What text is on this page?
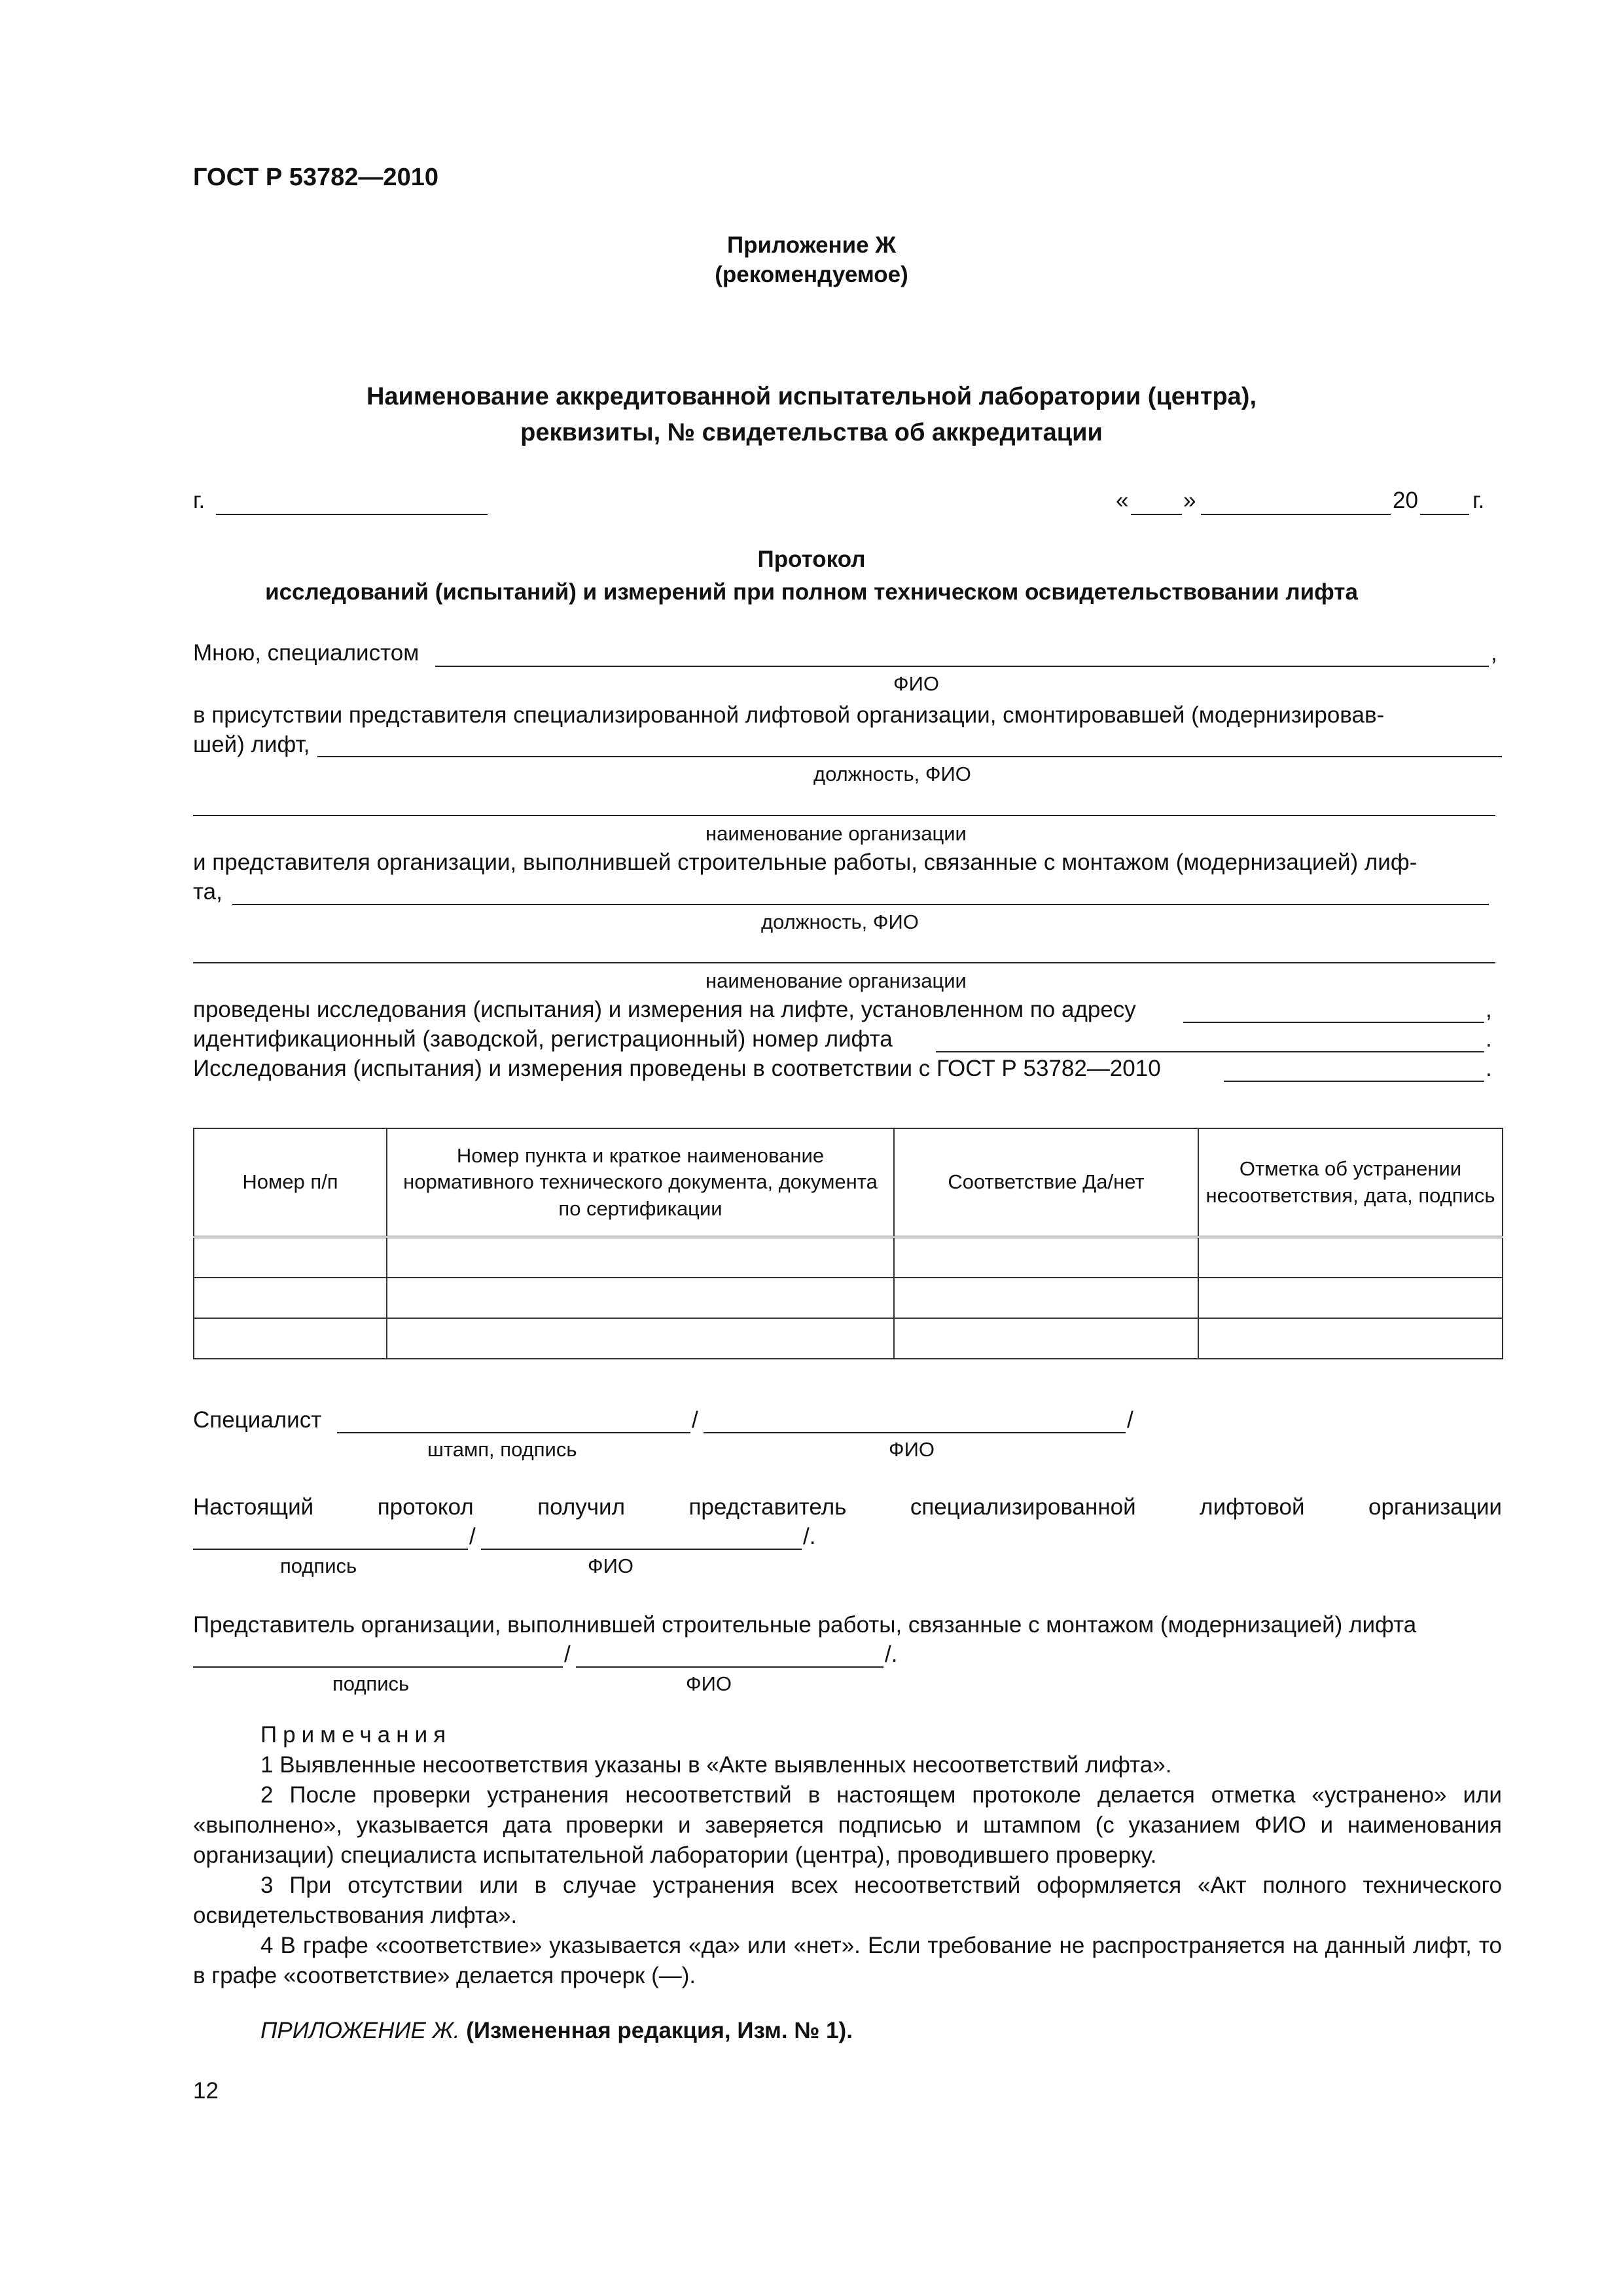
ГОСТ Р 53782—2010
Приложение Ж
(рекомендуемое)
Наименование аккредитованной испытательной лаборатории (центра),
реквизиты, № свидетельства об аккредитации
г.	« »	20 г.
Протокол
исследований (испытаний) и измерений при полном техническом освидетельствовании лифта
Мною, специалистом	,
ФИО
в присутствии представителя специализированной лифтовой организации, смонтировавшей (модернизировав-
шей) лифт,
должность, ФИО
наименование организации
и представителя организации, выполнившей строительные работы, связанные с монтажом (модернизацией) лиф-
та,
должность, ФИО
наименование организации
проведены исследования (испытания) и измерения на лифте, установленном по адресу	,
идентификационный (заводской, регистрационный) номер лифта	.
Исследования (испытания) и измерения проведены в соответствии с ГОСТ Р 53782—2010	.
Номер п/п	Номер пункта и краткое наименование нормативного технического документа, документа по сертификации	Соответствие Да/нет	Отметка об устранении несоответствия, дата, подпись

Специалист	/	/
штамп, подпись	ФИО
Настоящий	протокол	получил	представитель	специализированной	лифтовой	организации
/	/.
подпись	ФИО
Представитель организации, выполнившей строительные работы, связанные с монтажом (модернизацией) лифта
/	/.
подпись	ФИО

Примечания

1 Выявленные несоответствия указаны в «Акте выявленных несоответствий лифта».

2 После проверки устранения несоответствий в настоящем протоколе делается отметка «устранено» или «выполнено», указывается дата проверки и заверяется подписью и штампом (с указанием ФИО и наименования организации) специалиста испытательной лаборатории (центра), проводившего проверку.

3 При отсутствии или в случае устранения всех несоответствий оформляется «Акт полного технического освидетельствования лифта».

4 В графе «соответствие» указывается «да» или «нет». Если требование не распространяется на данный лифт, то в графе «соответствие» делается прочерк (—).

ПРИЛОЖЕНИЕ Ж. (Измененная редакция, Изм. № 1).
12
